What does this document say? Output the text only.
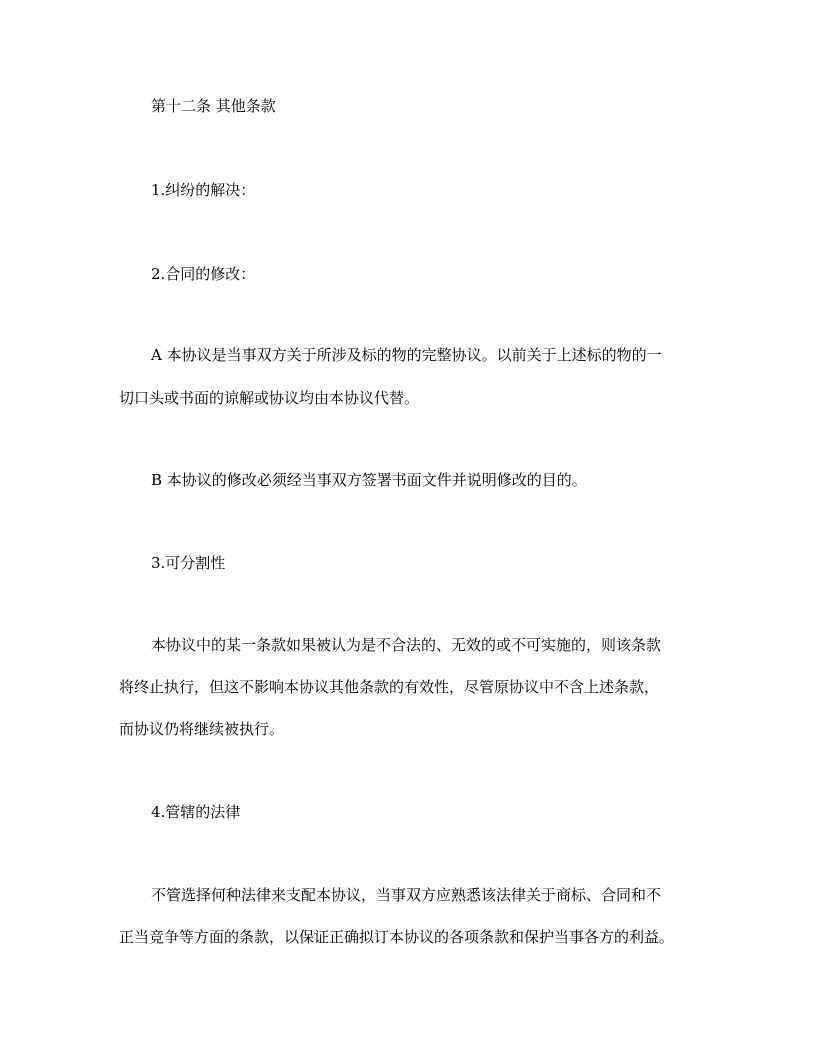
第十二条 其他条款
1.纠纷的解决：
2.合同的修改：
A 本协议是当事双方关于所涉及标的物的完整协议。以前关于上述标的物的一
切口头或书面的谅解或协议均由本协议代替。
B 本协议的修改必须经当事双方签署书面文件并说明修改的目的。
3.可分割性
本协议中的某一条款如果被认为是不合法的、无效的或不可实施的，则该条款
将终止执行，但这不影响本协议其他条款的有效性，尽管原协议中不含上述条款，
而协议仍将继续被执行。
4.管辖的法律
不管选择何种法律来支配本协议，当事双方应熟悉该法律关于商标、合同和不
正当竞争等方面的条款，以保证正确拟订本协议的各项条款和保护当事各方的利益。
